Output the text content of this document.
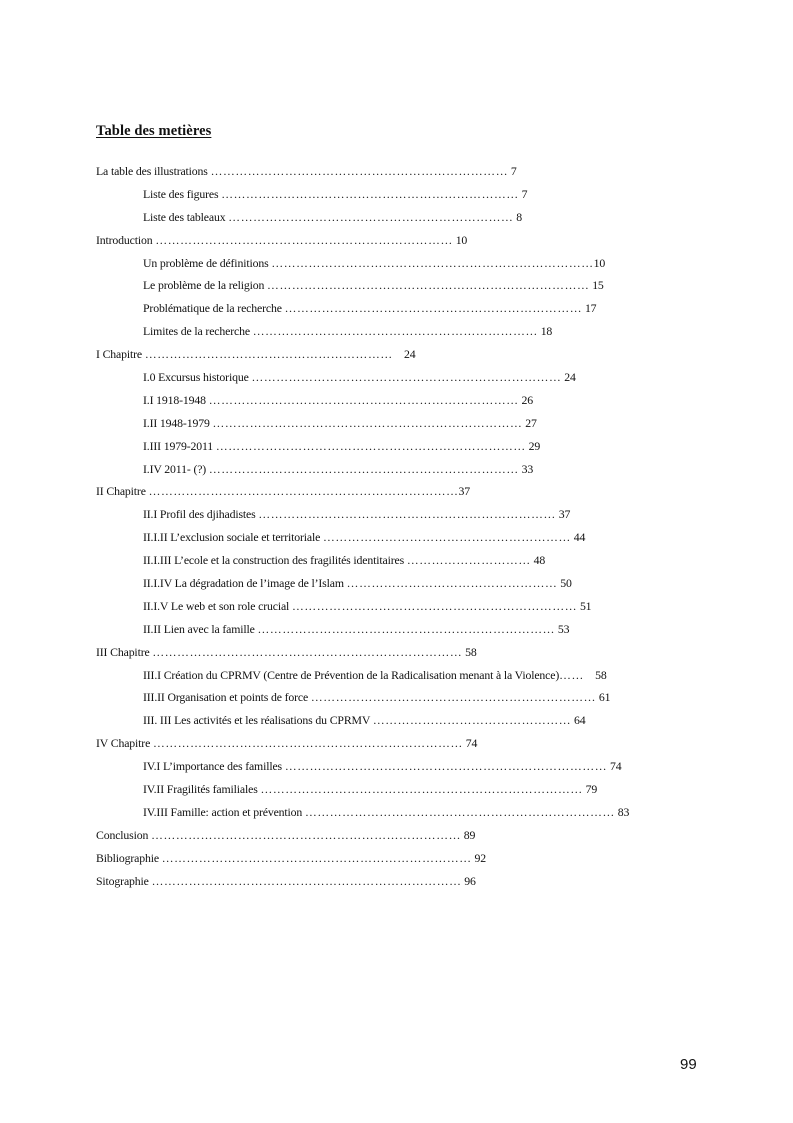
Table des metières
La table des illustrations ……………………………………………………………… 7
Liste des figures ……………………………………………………………… 7
Liste des tableaux …………………………………………………………… 8
Introduction ……………………………………………………………… 10
Un problème de définitions ……………………………………………………………………10
Le problème de la religion …………………………………………………………………… 15
Problématique de la recherche ……………………………………………………………… 17
Limites de la recherche …………………………………………………………… 18
I Chapitre …………………………………………………… 24
I.0 Excursus historique ………………………………………………………………… 24
I.I 1918-1948 ………………………………………………………………… 26
I.II 1948-1979 ………………………………………………………………… 27
I.III 1979-2011 ………………………………………………………………… 29
I.IV 2011- (?) ………………………………………………………………… 33
II Chapitre …………………………………………………………………37
II.I Profil des djihadistes ……………………………………………………………… 37
II.I.II L’exclusion sociale et territoriale …………………………………………………… 44
II.I.III L’ecole et la construction des fragilités identitaires ………………………… 48
II.I.IV La dégradation de l’image de l’Islam …………………………………………… 50
II.I.V Le web et son role crucial …………………………………………………………… 51
II.II Lien avec la famille ……………………………………………………………… 53
III Chapitre ………………………………………………………………… 58
III.I Création du CPRMV (Centre de Prévention de la Radicalisation menant à la Violence)…… 58
III.II Organisation et points de force …………………………………………………………… 61
III. III Les activités et les réalisations du CPRMV ………………………………………… 64
IV Chapitre ………………………………………………………………… 74
IV.I L’importance des familles …………………………………………………………………… 74
IV.II Fragilités familiales …………………………………………………………………… 79
IV.III Famille: action et prévention ………………………………………………………………… 83
Conclusion ………………………………………………………………… 89
Bibliographie ………………………………………………………………… 92
Sitographie ………………………………………………………………… 96
99
